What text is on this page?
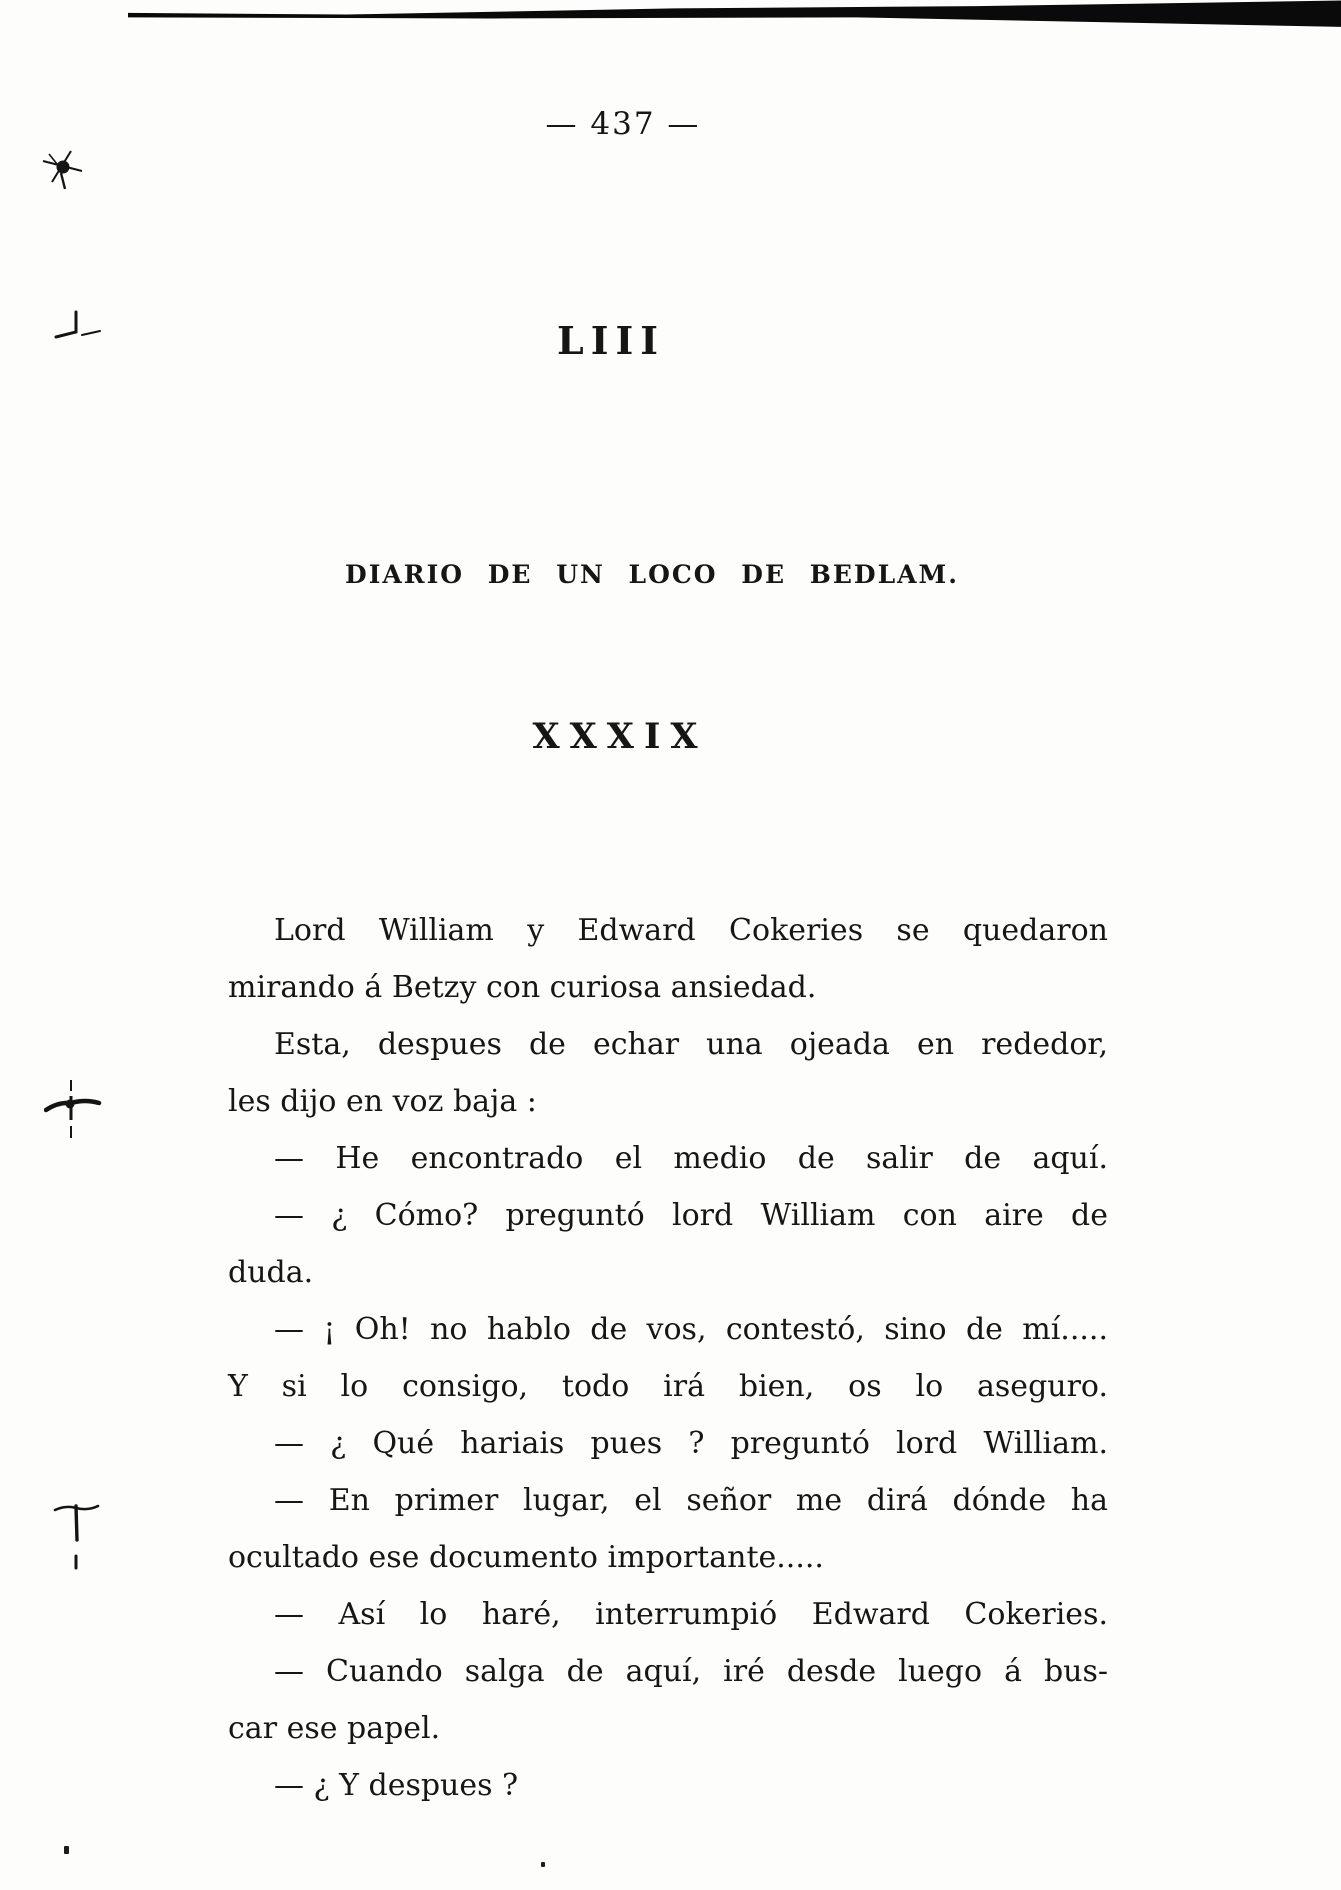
— 437 —
LIII
DIARIO DE UN LOCO DE BEDLAM.
XXXIX
Lord William y Edward Cokeries se quedaron
mirando á Betzy con curiosa ansiedad.
Esta, despues de echar una ojeada en rededor,
les dijo en voz baja :
— He encontrado el medio de salir de aquí.
— ¿ Cómo? preguntó lord William con aire de
duda.
— ¡ Oh! no hablo de vos, contestó, sino de mí.....
Y si lo consigo, todo irá bien, os lo aseguro.
— ¿ Qué hariais pues ? preguntó lord William.
— En primer lugar, el señor me dirá dónde ha
ocultado ese documento importante.....
— Así lo haré, interrumpió Edward Cokeries.
— Cuando salga de aquí, iré desde luego á bus-
car ese papel.
— ¿ Y despues ?
